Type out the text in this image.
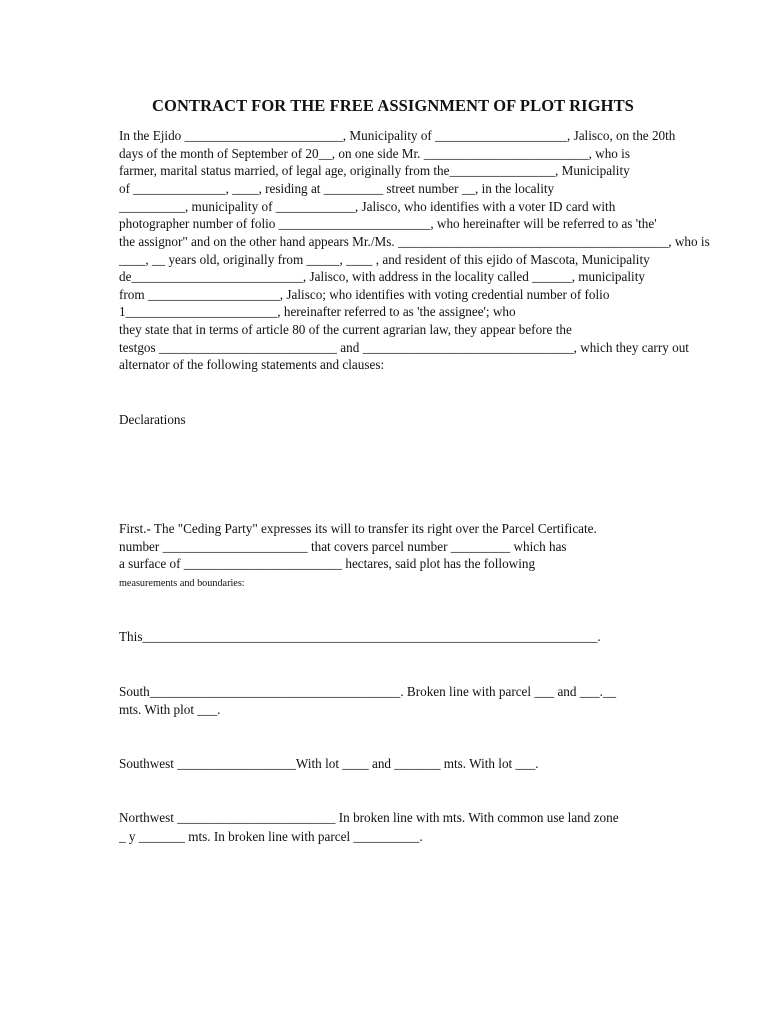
CONTRACT FOR THE FREE ASSIGNMENT OF PLOT RIGHTS
In the Ejido ________________________, Municipality of ____________________, Jalisco, on the 20th
days of the month of September of 20__, on one side Mr. _________________________, who is
farmer, marital status married, of legal age, originally from the________________, Municipality
of ______________, ____, residing at _________ street number __, in the locality
__________, municipality of ____________, Jalisco, who identifies with a voter ID card with
photographer number of folio _______________________, who hereinafter will be referred to as 'the'
the assignor" and on the other hand appears Mr./Ms. _________________________________________, who is
____, __ years old, originally from _____, ____ , and resident of this ejido of Mascota, Municipality
de__________________________, Jalisco, with address in the locality called ______, municipality
from ____________________, Jalisco; who identifies with voting credential number of folio
1_______________________, hereinafter referred to as 'the assignee'; who
they state that in terms of article 80 of the current agrarian law, they appear before the
testgos ___________________________ and ________________________________, which they carry out
alternator of the following statements and clauses:
Declarations
First.- The "Ceding Party" expresses its will to transfer its right over the Parcel Certificate.
number ______________________ that covers parcel number _________ which has
a surface of ________________________ hectares, said plot has the following
measurements and boundaries:
This_____________________________________________________________________.
South______________________________________. Broken line with parcel ___ and ___.__
mts. With plot ___.
Southwest __________________With lot ____ and _______ mts. With lot ___.
Northwest ________________________ In broken line with mts. With common use land zone
_ y _______ mts. In broken line with parcel __________.
